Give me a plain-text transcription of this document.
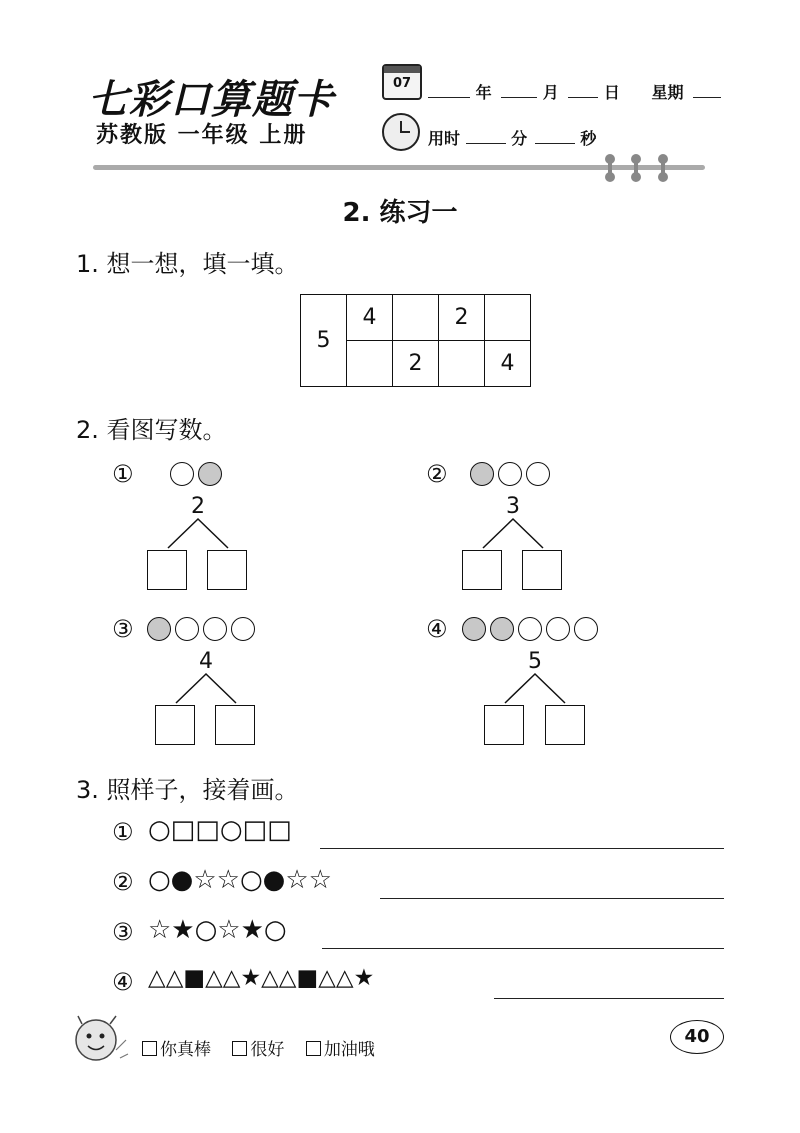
七彩口算题卡
苏教版 一年级 上册
07	年	月	日 星期
用时	分	秒
2. 练习一
1. 想一想，填一填。
5	4		2	
		2		4
2. 看图写数。
①
2
②
3
③
4
④
5
3. 照样子，接着画。
① ○□□○□□
② ○●☆☆○●☆☆
③ ☆★○☆★○
④ △△■△△★△△■△△★
你真棒 很好 加油哦
40
